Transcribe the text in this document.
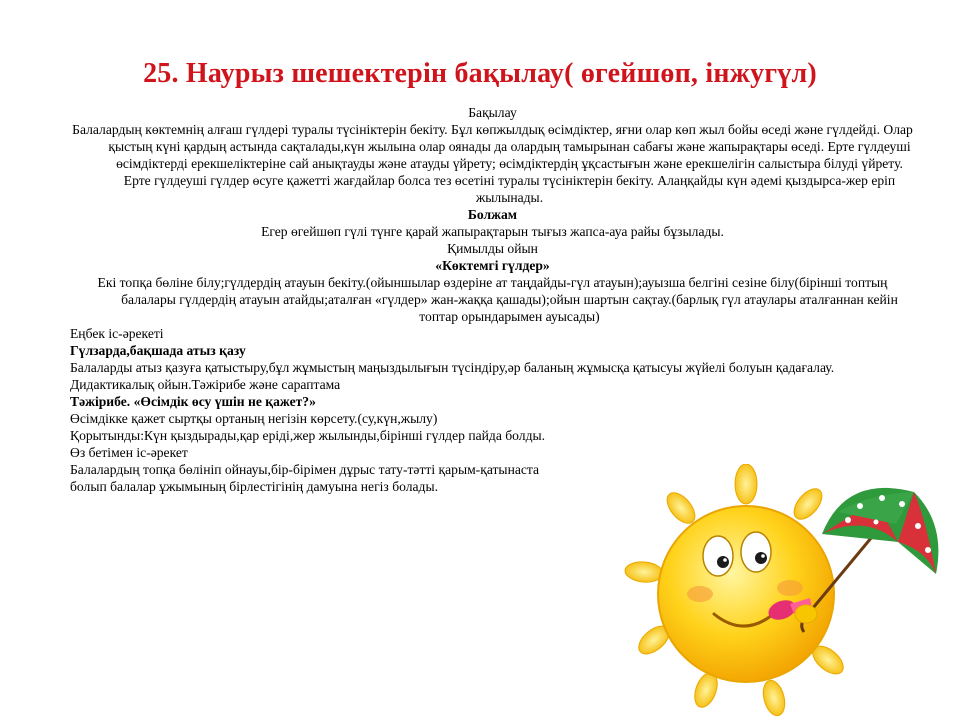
25. Наурыз шешектерін бақылау( өгейшөп, інжугүл)

Бақылау

Балалардың көктемнің алғаш гүлдері туралы түсініктерін бекіту. Бұл көпжылдық өсімдіктер, яғни олар көп жыл бойы өседі және гүлдейді. Олар қыстың күні қардың астында сақталады,күн жылына олар оянады да олардың тамырынан сабағы және жапырақтары өседі. Ерте гүлдеуші өсімдіктерді ерекшеліктеріне сай анықтауды және атауды үйрету; өсімдіктердің ұқсастығын және ерекшелігін салыстыра білуді үйрету. Ерте гүлдеуші гүлдер өсуге қажетті жағдайлар болса тез өсетіні туралы түсініктерін бекіту. Алаңқайды күн әдемі қыздырса-жер еріп жылынады.

Болжам

Егер өгейшөп гүлі түнге қарай жапырақтарын тығыз жапса-ауа райы бұзылады.

Қимылды ойын

«Көктемгі гүлдер»

Екі топқа бөліне білу;гүлдердің атауын бекіту.(ойыншылар өздеріне ат таңдайды-гүл атауын);ауызша белгіні сезіне білу(бірінші топтың балалары гүлдердің атауын атайды;аталған «гүлдер» жан-жаққа қашады);ойын шартын сақтау.(барлық гүл атаулары аталғаннан кейін топтар орындарымен ауысады)

Еңбек іс-әрекеті

Гүлзарда,бақшада атыз қазу

Балаларды атыз қазуға қатыстыру,бұл жұмыстың маңыздылығын түсіндіру,әр баланың жұмысқа қатысуы жүйелі болуын қадағалау.

Дидактикалық ойын.Тәжірибе және сараптама

Тәжірибе. «Өсімдік өсу үшін не қажет?»

Өсімдікке қажет сыртқы ортаның негізін көрсету.(су,күн,жылу)

Қорытынды:Күн қыздырады,қар еріді,жер жылынды,бірінші гүлдер пайда болды.

Өз бетімен іс-әрекет

Балалардың топқа бөлініп ойнауы,бір-бірімен дұрыс тату-тәтті қарым-қатынаста

болып балалар ұжымының бірлестігінің дамуына негіз болады.
